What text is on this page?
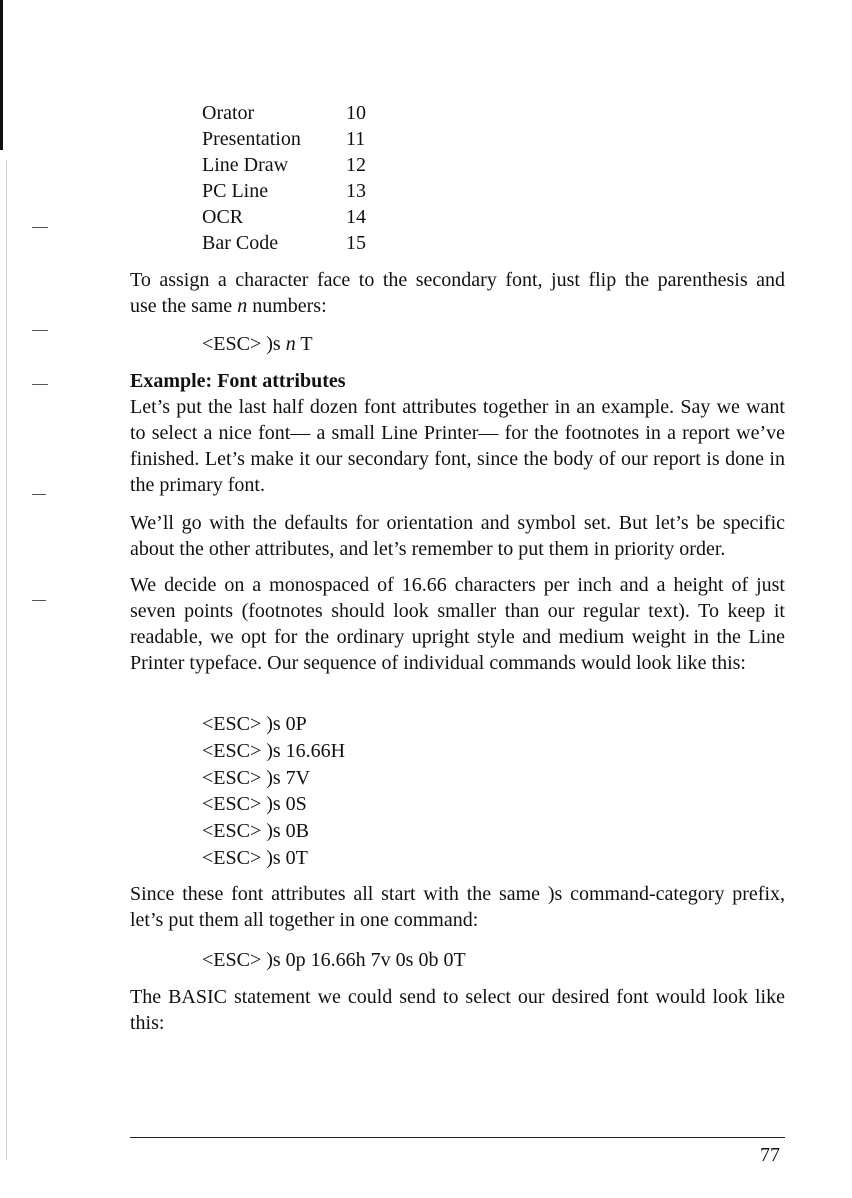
Orator	10
Presentation	11
Line Draw	12
PC Line	13
OCR	14
Bar Code	15
To assign a character face to the secondary font, just flip the parenthesis and
use the same n numbers:
<ESC> )s n T
Example: Font attributes

Let’s put the last half dozen font attributes together in an example. Say we want to select a nice font— a small Line Printer— for the footnotes in a report we’ve finished. Let’s make it our secondary font, since the body of our report is done in the primary font.

We’ll go with the defaults for orientation and symbol set. But let’s be specific about the other attributes, and let’s remember to put them in priority order.

We decide on a monospaced of 16.66 characters per inch and a height of just seven points (footnotes should look smaller than our regular text). To keep it readable, we opt for the ordinary upright style and medium weight in the Line Printer typeface. Our sequence of individual commands would look like this:

<ESC> )s 0P
<ESC> )s 16.66H
<ESC> )s 7V
<ESC> )s 0S
<ESC> )s 0B
<ESC> )s 0T

Since these font attributes all start with the same )s command-category prefix, let’s put them all together in one command:

<ESC> )s 0p 16.66h 7v 0s 0b 0T

The BASIC statement we could send to select our desired font would look like this:

77
